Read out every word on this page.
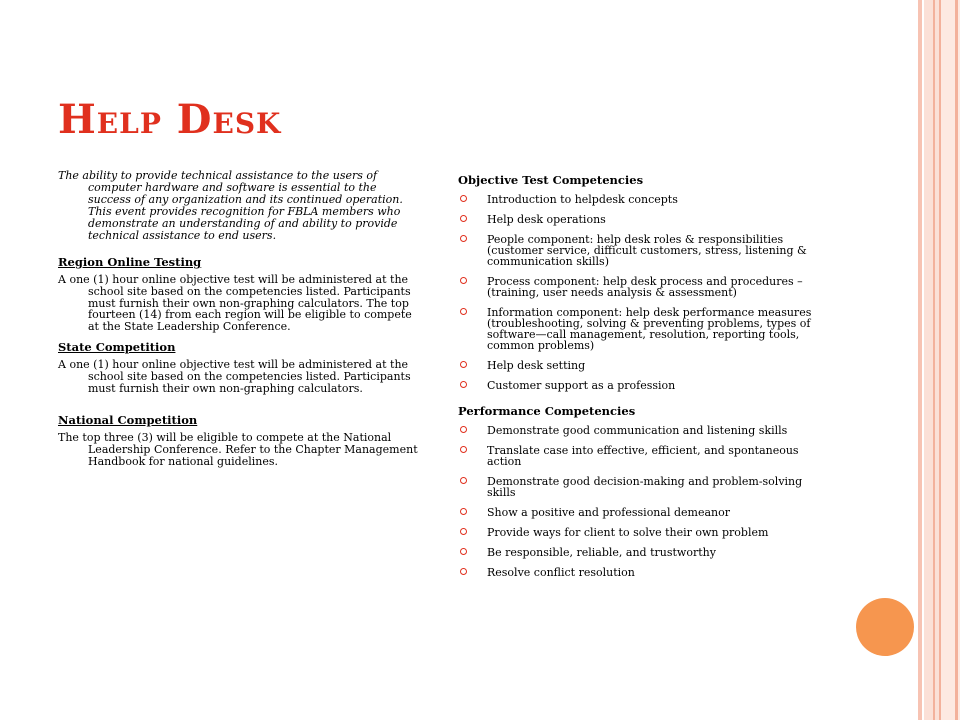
Help Desk

The ability to provide technical assistance to the users of computer hardware and software is essential to the success of any organization and its continued operation. This event provides recognition for FBLA members who demonstrate an understanding of and ability to provide technical assistance to end users.

Region Online Testing

A one (1) hour online objective test will be administered at the school site based on the competencies listed. Participants must furnish their own non-graphing calculators. The top fourteen (14) from each region will be eligible to compete at the State Leadership Conference.

State Competition

A one (1) hour online objective test will be administered at the school site based on the competencies listed. Participants must furnish their own non-graphing calculators.

National Competition

The top three (3) will be eligible to compete at the National Leadership Conference. Refer to the Chapter Management Handbook for national guidelines.

Objective Test Competencies

Introduction to helpdesk concepts
Help desk operations
People component: help desk roles & responsibilities (customer service, difficult customers, stress, listening & communication skills)
Process component: help desk process and procedures – (training, user needs analysis & assessment)
Information component: help desk performance measures (troubleshooting, solving & preventing problems, types of software—call management, resolution, reporting tools, common problems)
Help desk setting
Customer support as a profession

Performance Competencies

Demonstrate good communication and listening skills
Translate case into effective, efficient, and spontaneous action
Demonstrate good decision-making and problem-solving skills
Show a positive and professional demeanor
Provide ways for client to solve their own problem
Be responsible, reliable, and trustworthy
Resolve conflict resolution
